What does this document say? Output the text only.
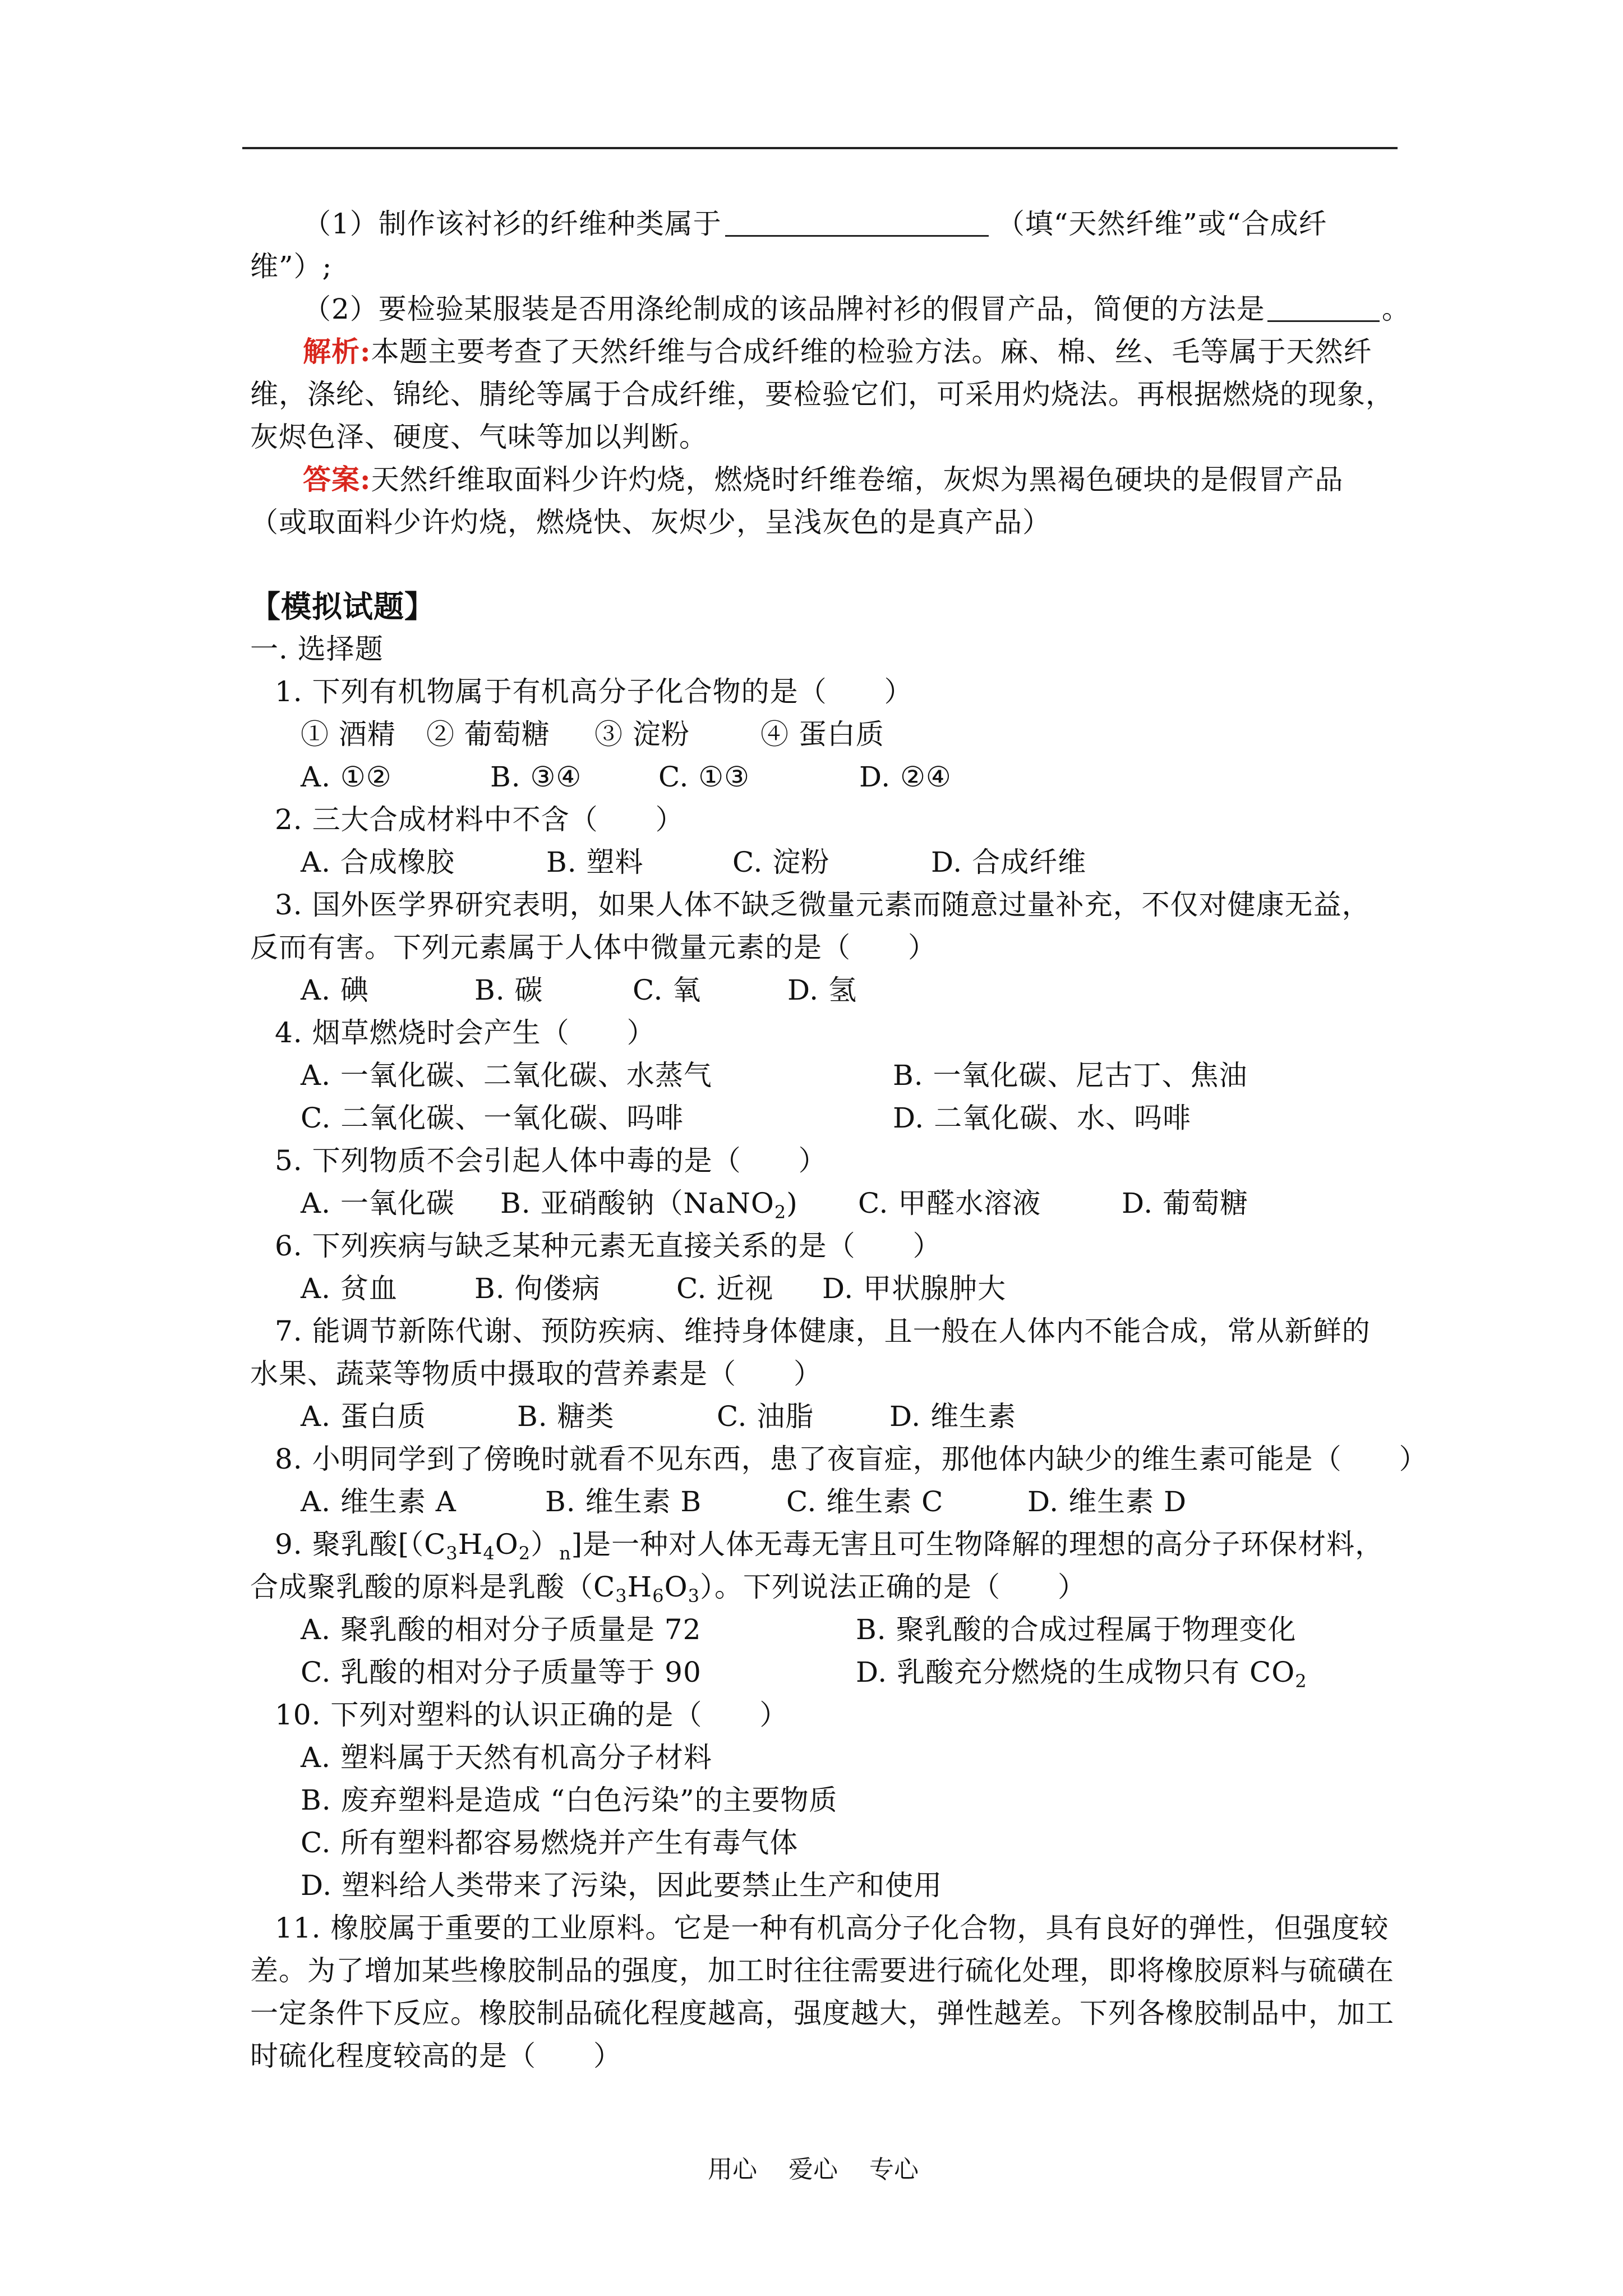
（1）制作该衬衫的纤维种类属于	（填“天然纤维”或“合成纤
维”）;
（2）要检验某服装是否用涤纶制成的该品牌衬衫的假冒产品，简便的方法是	。
解析:本题主要考查了天然纤维与合成纤维的检验方法。麻、棉、丝、毛等属于天然纤
维，涤纶、锦纶、腈纶等属于合成纤维，要检验它们，可采用灼烧法。再根据燃烧的现象，
灰烬色泽、硬度、气味等加以判断。
答案:天然纤维取面料少许灼烧，燃烧时纤维卷缩，灰烬为黑褐色硬块的是假冒产品
（或取面料少许灼烧，燃烧快、灰烬少，呈浅灰色的是真产品）
【模拟试题】
一. 选择题
1. 下列有机物属于有机高分子化合物的是（　　）
① 酒精 ② 葡萄糖 ③ 淀粉	④ 蛋白质
A. ①②	B. ③④	C. ①③	D. ②④
2. 三大合成材料中不含（　　）
A. 合成橡胶	B. 塑料	C. 淀粉	D. 合成纤维
3. 国外医学界研究表明，如果人体不缺乏微量元素而随意过量补充，不仅对健康无益，
反而有害。下列元素属于人体中微量元素的是（　　）
A. 碘	B. 碳	C. 氧	D. 氢
4. 烟草燃烧时会产生（　　）
A. 一氧化碳、二氧化碳、水蒸气	B. 一氧化碳、尼古丁、焦油
C. 二氧化碳、一氧化碳、吗啡	D. 二氧化碳、水、吗啡
5. 下列物质不会引起人体中毒的是（　　）
A. 一氧化碳 B. 亚硝酸钠（NaNO$_2$) C. 甲醛水溶液	D. 葡萄糖
6. 下列疾病与缺乏某种元素无直接关系的是（　　）
A. 贫血	B. 佝偻病	C. 近视 D. 甲状腺肿大
7. 能调节新陈代谢、预防疾病、维持身体健康，且一般在人体内不能合成，常从新鲜的
水果、蔬菜等物质中摄取的营养素是（　　）
A. 蛋白质	B. 糖类	C. 油脂	D. 维生素
8. 小明同学到了傍晚时就看不见东西，患了夜盲症，那他体内缺少的维生素可能是（　　）
A. 维生素 A	B. 维生素 B	C. 维生素 C	D. 维生素 D
9. 聚乳酸$[(C_3H_4O_2)_n]$是一种对人体无毒无害且可生物降解的理想的高分子环保材料，
合成聚乳酸的原料是乳酸$(C_3H_6O_3)$。下列说法正确的是（　　）
A. 聚乳酸的相对分子质量是 72	B. 聚乳酸的合成过程属于物理变化
C. 乳酸的相对分子质量等于 90	D. 乳酸充分燃烧的生成物只有 $CO_2$
10. 下列对塑料的认识正确的是（　　）
A. 塑料属于天然有机高分子材料
B. 废弃塑料是造成 “白色污染”的主要物质
C. 所有塑料都容易燃烧并产生有毒气体
D. 塑料给人类带来了污染，因此要禁止生产和使用
11. 橡胶属于重要的工业原料。它是一种有机高分子化合物，具有良好的弹性，但强度较
差。为了增加某些橡胶制品的强度，加工时往往需要进行硫化处理，即将橡胶原料与硫磺在
一定条件下反应。橡胶制品硫化程度越高，强度越大，弹性越差。下列各橡胶制品中，加工
时硫化程度较高的是（　　）
用心 爱心 专心
